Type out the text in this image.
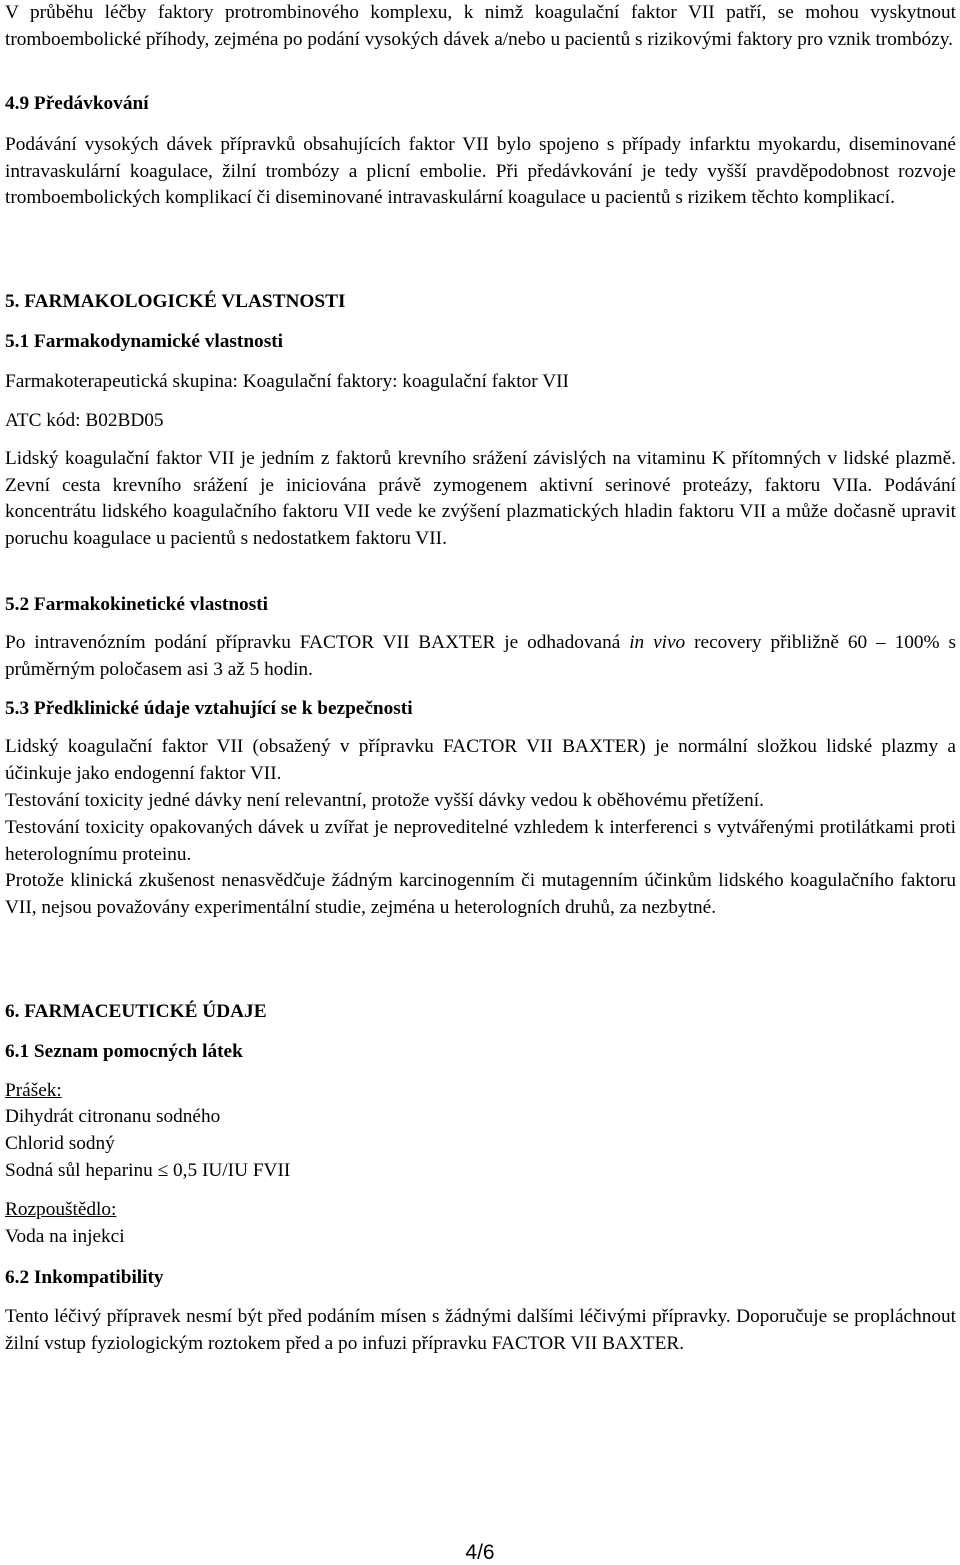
V průběhu léčby faktory protrombinového komplexu, k nimž koagulační faktor VII patří, se mohou vyskytnout tromboembolické příhody, zejména po podání vysokých dávek a/nebo u pacientů s rizikovými faktory pro vznik trombózy.

4.9 Předávkování

Podávání vysokých dávek přípravků obsahujících faktor VII bylo spojeno s případy infarktu myokardu, diseminované intravaskulární koagulace, žilní trombózy a plicní embolie. Při předávkování je tedy vyšší pravděpodobnost rozvoje tromboembolických komplikací či diseminované intravaskulární koagulace u pacientů s rizikem těchto komplikací.

5. FARMAKOLOGICKÉ VLASTNOSTI

5.1 Farmakodynamické vlastnosti

Farmakoterapeutická skupina: Koagulační faktory: koagulační faktor VII

ATC kód: B02BD05

Lidský koagulační faktor VII je jedním z faktorů krevního srážení závislých na vitaminu K přítomných v lidské plazmě. Zevní cesta krevního srážení je iniciována právě zymogenem aktivní serinové proteázy, faktoru VIIa. Podávání koncentrátu lidského koagulačního faktoru VII vede ke zvýšení plazmatických hladin faktoru VII a může dočasně upravit poruchu koagulace u pacientů s nedostatkem faktoru VII.

5.2 Farmakokinetické vlastnosti

Po intravenózním podání přípravku FACTOR VII BAXTER je odhadovaná in vivo recovery přibližně 60 – 100% s průměrným poločasem asi 3 až 5 hodin.

5.3 Předklinické údaje vztahující se k bezpečnosti

Lidský koagulační faktor VII (obsažený v přípravku FACTOR VII BAXTER) je normální složkou lidské plazmy a účinkuje jako endogenní faktor VII.

Testování toxicity jedné dávky není relevantní, protože vyšší dávky vedou k oběhovému přetížení.

Testování toxicity opakovaných dávek u zvířat je neproveditelné vzhledem k interferenci s vytvářenými protilátkami proti heterolognímu proteinu.

Protože klinická zkušenost nenasvědčuje žádným karcinogenním či mutagenním účinkům lidského koagulačního faktoru VII, nejsou považovány experimentální studie, zejména u heterologních druhů, za nezbytné.

6. FARMACEUTICKÉ ÚDAJE

6.1 Seznam pomocných látek

Prášek:

Dihydrát citronanu sodného

Chlorid sodný

Sodná sůl heparinu ≤ 0,5 IU/IU FVII

Rozpouštědlo:

Voda na injekci

6.2 Inkompatibility

Tento léčivý přípravek nesmí být před podáním mísen s žádnými dalšími léčivými přípravky. Doporučuje se propláchnout žilní vstup fyziologickým roztokem před a po infuzi přípravku FACTOR VII BAXTER.

4/6
